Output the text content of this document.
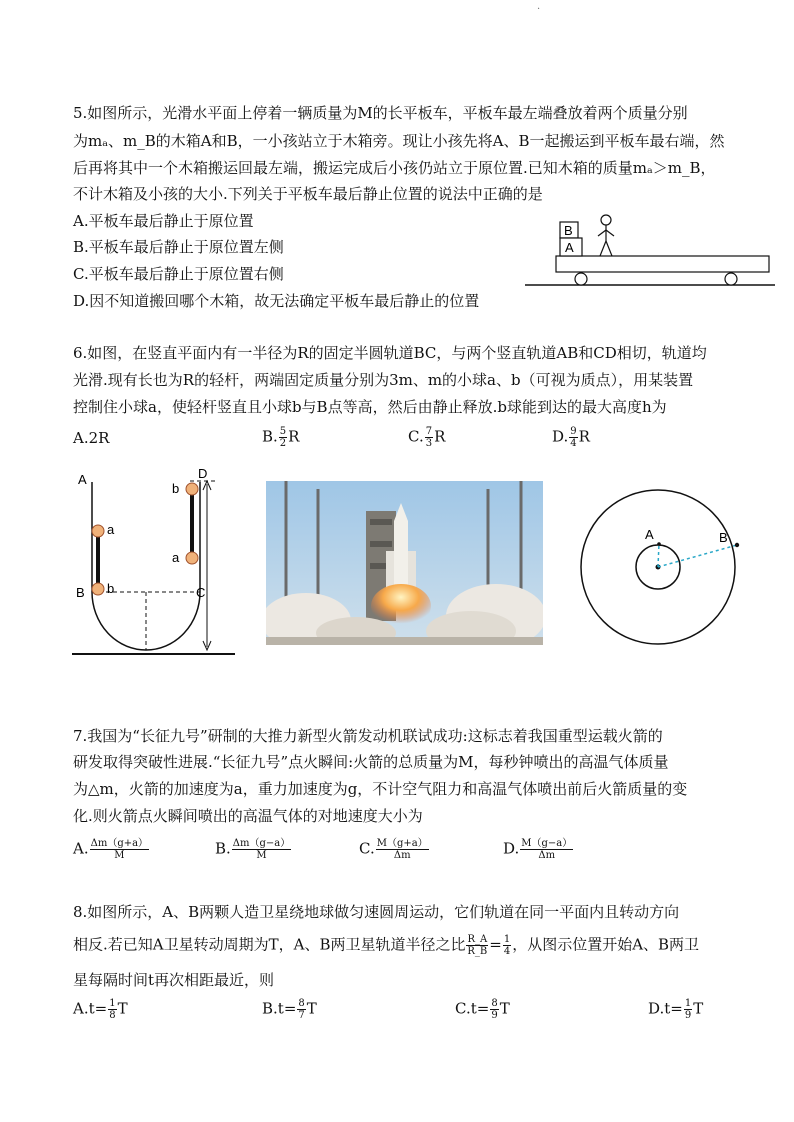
·
5.如图所示，光滑水平面上停着一辆质量为M的长平板车，平板车最左端叠放着两个质量分别
为mₐ、m_B的木箱A和B，一小孩站立于木箱旁。现让小孩先将A、B一起搬运到平板车最右端，然
后再将其中一个木箱搬运回最左端，搬运完成后小孩仍站立于原位置.已知木箱的质量mₐ＞m_B，
不计木箱及小孩的大小.下列关于平板车最后静止位置的说法中正确的是
A.平板车最后静止于原位置
B.平板车最后静止于原位置左侧
C.平板车最后静止于原位置右侧
D.因不知道搬回哪个木箱，故无法确定平板车最后静止的位置
B
A
6.如图，在竖直平面内有一半径为R的固定半圆轨道BC，与两个竖直轨道AB和CD相切，轨道均
光滑.现有长也为R的轻杆，两端固定质量分别为3m、m的小球a、b（可视为质点），用某装置
控制住小球a，使轻杆竖直且小球b与B点等高，然后由静止释放.b球能到达的最大高度h为
A.2R	B. $\frac{5}{2}$ R	C. $\frac{7}{3}$ R	D. $\frac{9}{4}$ R
A
B	C
D
a
b
a
b
A	B
7.我国为“长征九号”研制的大推力新型火箭发动机联试成功:这标志着我国重型运载火箭的
研发取得突破性进展.“长征九号”点火瞬间:火箭的总质量为M，每秒钟喷出的高温气体质量
为△m，火箭的加速度为a，重力加速度为g，不计空气阻力和高温气体喷出前后火箭质量的变
化.则火箭点火瞬间喷出的高温气体的对地速度大小为
A. $\frac{\Delta m(g+a)}{M}$	B. $\frac{\Delta m(g-a)}{M}$	C. $\frac{M(g+a)}{\Delta m}$	D. $\frac{M(g-a)}{\Delta m}$
8.如图所示，A、B两颗人造卫星绕地球做匀速圆周运动，它们轨道在同一平面内且转动方向
相反.若已知A卫星转动周期为T，A、B两卫星轨道半径之比 $\frac{R\_A}{R\_B} = \frac{1}{4}$ ，从图示位置开始A、B两卫
星每隔时间t再次相距最近，则
$A.t= \frac{1}{8}$ T	$B.t= \frac{8}{7}$ T	$C.t= \frac{8}{9}$ T	$D.t= \frac{1}{9}$ T
